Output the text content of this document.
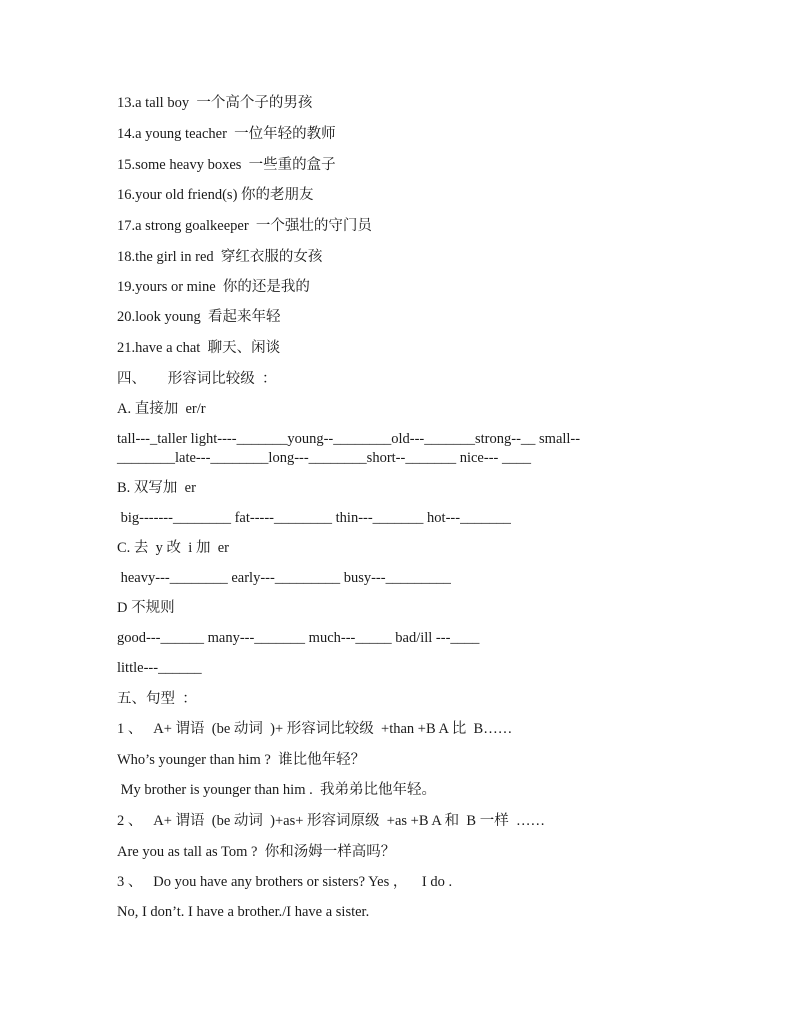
13.a tall boy  一个高个子的男孩
14.a young teacher  一位年轻的教师
15.some heavy boxes  一些重的盒子
16.your old friend(s) 你的老朋友
17.a strong goalkeeper  一个强壮的守门员
18.the girl in red  穿红衣服的女孩
19.yours or mine  你的还是我的
20.look young  看起来年轻
21.have a chat  聊天、闲谈
四、      形容词比较级  ：
A. 直接加  er/r
tall---_taller light----_______young--________old---_______strong--__ small--
________late---________long---________short--_______ nice--- ____
B. 双写加  er
big-------________ fat-----________ thin---_______ hot---_______
C. 去  y 改  i 加  er
heavy---________ early---_________ busy---_________
D 不规则
good---______ many---_______ much---_____ bad/ill ---____
little---______
五、句型  ：
1 、   A+ 谓语  (be 动词  )+ 形容词比较级  +than +B A 比  B……
Who’s younger than him ?  谁比他年轻？
My brother is younger than him .  我弟弟比他年轻。
2 、   A+ 谓语  (be 动词  )+as+ 形容词原级  +as +B A 和  B 一样  ……
Are you as tall as Tom ?  你和汤姆一样高吗？
3 、   Do you have any brothers or sisters? Yes ，    I do .
No, I don’t. I have a brother./I have a sister.
